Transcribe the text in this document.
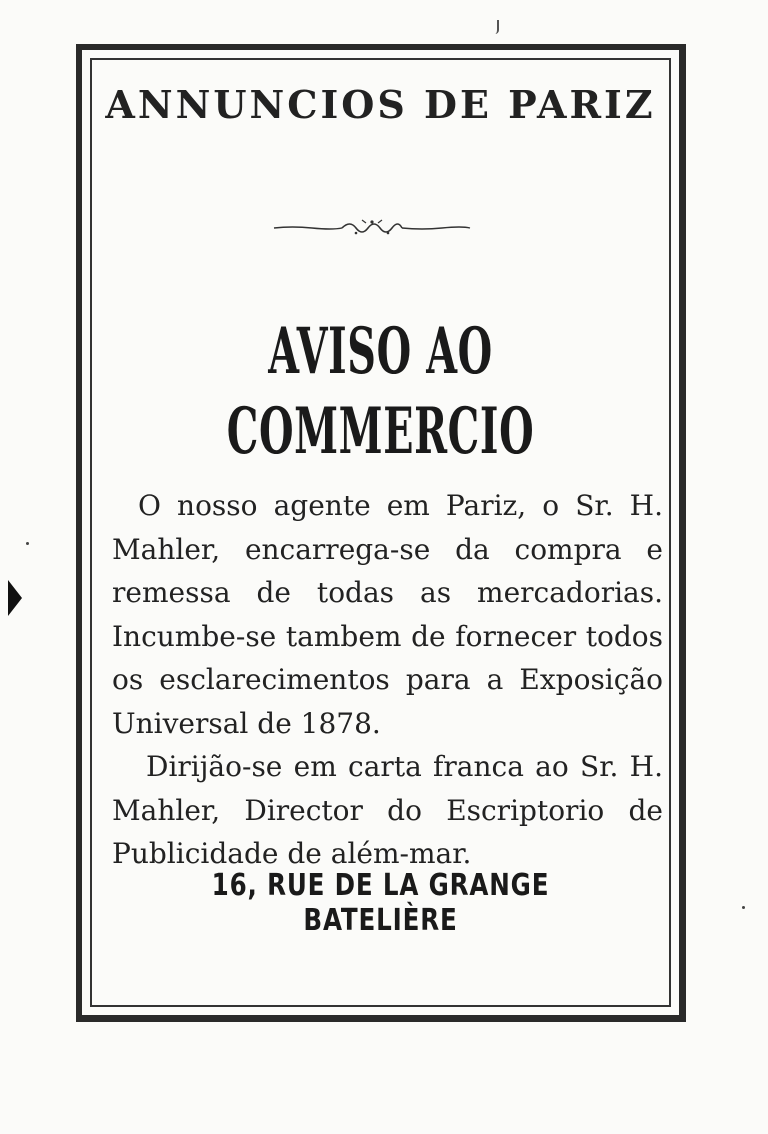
ANNUNCIOS DE PARIZ
AVISO AO COMMERCIO

O nosso agente em Pariz, o Sr. H. Mahler, encarrega-se da compra e remessa de todas as mercadorias. Incumbe-se tambem de fornecer todos os esclarecimentos para a Exposição Universal de 1878.

Dirijão-se em carta franca ao Sr. H. Mahler, Director do Escriptorio de Publicidade de além-mar.

16, RUE DE LA GRANGE BATELIÈRE
